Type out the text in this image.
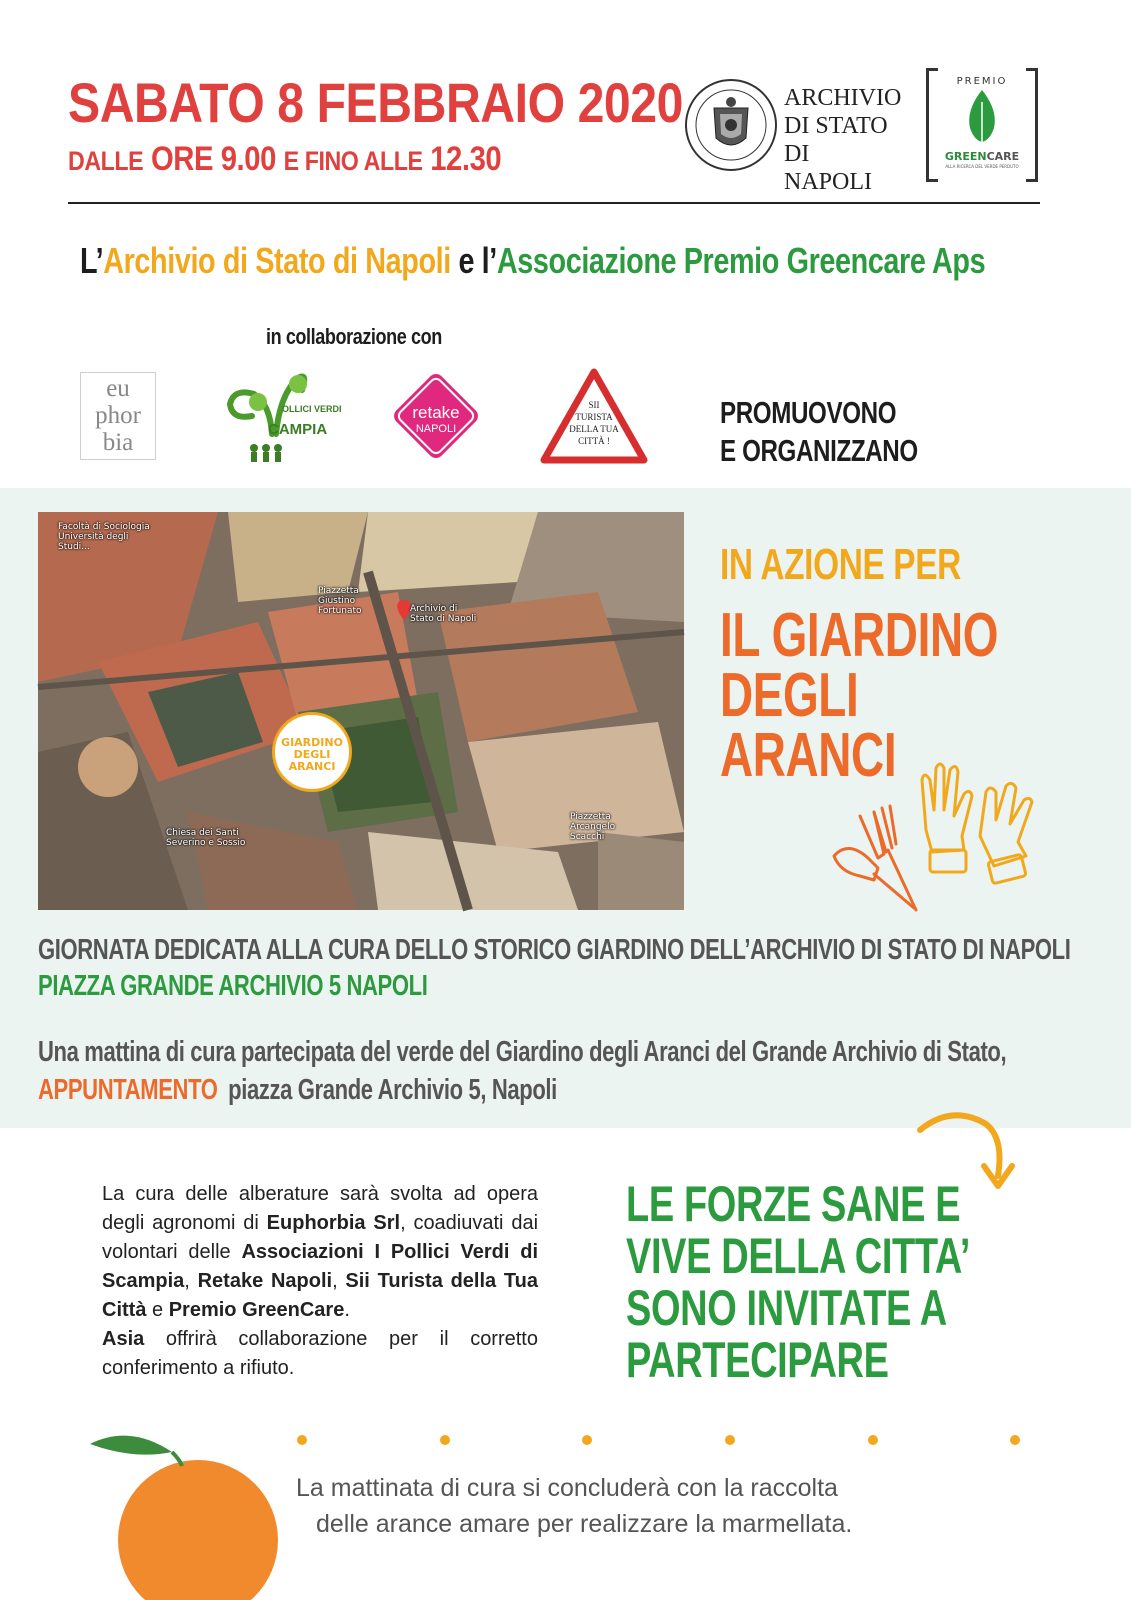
SABATO 8 FEBBRAIO 2020
DALLE ORE 9.00 E FINO ALLE 12.30
ARCHIVIO
DI STATO
DI NAPOLI
PREMIO
GREENCARE
ALLA RICERCA DEL VERDE PERDUTO
L’Archivio di Stato di Napoli e l’Associazione Premio Greencare Aps
in collaborazione con
eu
phor
bia
OLLICI VERDI
CAMPIA
retake
NAPOLI
SII
TURISTA
DELLA TUA
CITTÀ !
PROMUOVONO
E ORGANIZZANO
Facoltà di Sociologia Università degli Studi...
Piazzetta Giustino Fortunato	Archivio di Stato di Napoli
Chiesa dei Santi Severino e Sossio
Piazzetta Arcangelo Scacchi
GIARDINO
DEGLI
ARANCI
IN AZIONE PER
IL GIARDINO
DEGLI
ARANCI
GIORNATA DEDICATA ALLA CURA DELLO STORICO GIARDINO DELL’ARCHIVIO DI STATO DI NAPOLI
PIAZZA GRANDE ARCHIVIO 5 NAPOLI
Una mattina di cura partecipata del verde del Giardino degli Aranci del Grande Archivio di Stato,
APPUNTAMENTO piazza Grande Archivio 5, Napoli
La cura delle alberature sarà svolta ad opera degli agronomi di Euphorbia Srl, coadiuvati dai volontari delle Associazioni I Pollici Verdi di Scampia, Retake Napoli, Sii Turista della Tua Città e Premio GreenCare.
Asia offrirà collaborazione per il corretto conferimento a rifiuto.
LE FORZE SANE E
VIVE DELLA CITTA’
SONO INVITATE A
PARTECIPARE
La mattinata di cura si concluderà con la raccolta
delle arance amare per realizzare la marmellata.
